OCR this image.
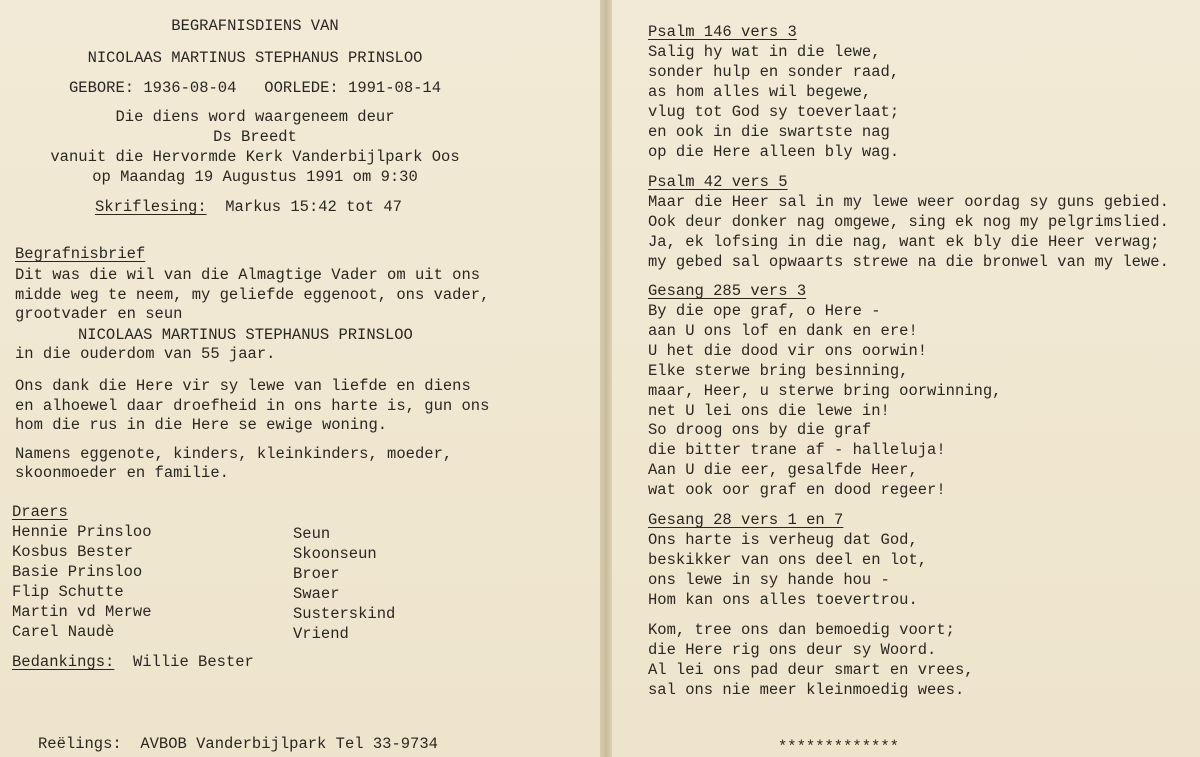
BEGRAFNISDIENS VAN
NICOLAAS MARTINUS STEPHANUS PRINSLOO
GEBORE: 1936-08-04   OORLEDE: 1991-08-14
Die diens word waargeneem deur
Ds Breedt
vanuit die Hervormde Kerk Vanderbijlpark Oos
op Maandag 19 Augustus 1991 om 9:30
Skriflesing: Markus 15:42 tot 47
Begrafnisbrief
Dit was die wil van die Almagtige Vader om uit ons
midde weg te neem, my geliefde eggenoot, ons vader,
grootvader en seun
NICOLAAS MARTINUS STEPHANUS PRINSLOO
in die ouderdom van 55 jaar.
Ons dank die Here vir sy lewe van liefde en diens
en alhoewel daar droefheid in ons harte is, gun ons
hom die rus in die Here se ewige woning.
Namens eggenote, kinders, kleinkinders, moeder,
skoonmoeder en familie.
Draers
Hennie Prinsloo	Seun
Kosbus Bester	Skoonseun
Basie Prinsloo	Broer
Flip Schutte	Swaer
Martin vd Merwe	Susterskind
Carel Naudè	Vriend
Bedankings: Willie Bester
Reëlings:  AVBOB Vanderbijlpark Tel 33-9734
Psalm 146 vers 3
Salig hy wat in die lewe,
sonder hulp en sonder raad,
as hom alles wil begewe,
vlug tot God sy toeverlaat;
en ook in die swartste nag
op die Here alleen bly wag.
Psalm 42 vers 5
Maar die Heer sal in my lewe weer oordag sy guns gebied.
Ook deur donker nag omgewe, sing ek nog my pelgrimslied.
Ja, ek lofsing in die nag, want ek bly die Heer verwag;
my gebed sal opwaarts strewe na die bronwel van my lewe.
Gesang 285 vers 3
By die ope graf, o Here -
aan U ons lof en dank en ere!
U het die dood vir ons oorwin!
Elke sterwe bring besinning,
maar, Heer, u sterwe bring oorwinning,
net U lei ons die lewe in!
So droog ons by die graf
die bitter trane af - halleluja!
Aan U die eer, gesalfde Heer,
wat ook oor graf en dood regeer!
Gesang 28 vers 1 en 7
Ons harte is verheug dat God,
beskikker van ons deel en lot,
ons lewe in sy hande hou -
Hom kan ons alles toevertrou.
Kom, tree ons dan bemoedig voort;
die Here rig ons deur sy Woord.
Al lei ons pad deur smart en vrees,
sal ons nie meer kleinmoedig wees.
*************
